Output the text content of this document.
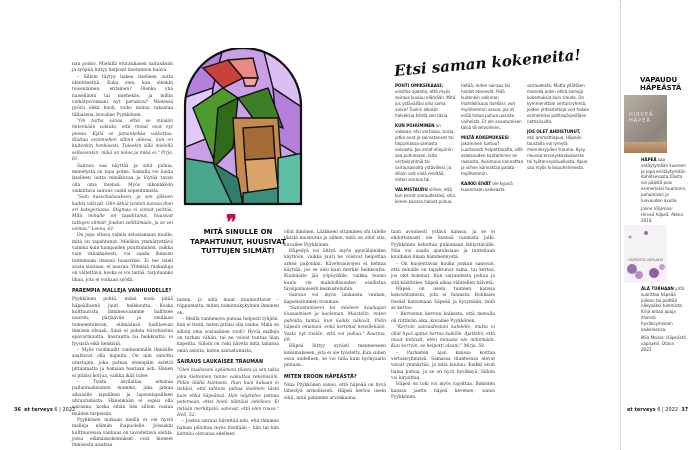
nan poisto. Miehillä eturauhasen sairauksiin ja syöpiin liittyy helposti itsetunnon haava.

– Silloin täytyy hakea itselleen uutta identiteettiä. Kuka olen, kun olenkin toisenlainen, erilainen? Olenko yhä naisellinen tai miehekäs, ja mihin viehätysvoimani nyt perustuu? Mielessä pyörii ehkä huoli, voiko minua rakastaa tällaisena, kuvailee Pyykkönen.

"On turha sanoa, ettei se minään mitenkään vaikuta, että rinnat ovat nyt poissa. Kyllä se jumankekka vaikuttaa. Sluttaa aviomiehen silloin ollessa, kun on kuitenkin henkisesti. Tuleekin sillä mielellä sellaisenkin, mikä on noloa ja mikä ei." Pirjo, 61.

Sairaus saa näyttää ja siitä puhua, menetystä on lupa potea. Samalla voi luoda itselleen uutta minäkuvaa ja löytää tavan olla oma itsensä. Myös ulkonäköön vaikuttava sairaus vaatii sopeutumista.

"Sain kasvohalvauksen, ja sen jälkeen kaikki näkivät. Olin äkkiä toisten kanssa ihan eri kategoriassa. Stigmaa ei voinut peittää. Mitä minulle on tapahtunut, huusivat tuttujen silmät! Joudun selittämään, ja se vei voimia." Leena, 61.

On jopa oltava valmis selostamaan muille, mitä on tapahtunut. Mielikin ymmärrettävä vamma kuin hampaiden puuttuminen, vaikka vain väliaikaisesti, voi saada ihmisen tuntemaan itsensä luuseriksi. Ei tee mieli avata suutaan, ei nauraa. Yhteisiä ruokailuja on vältettävä, koska ei voi tietää, tarjotaanko lihaa, jota ei voikaan syödä.

PAREMPIA MALLEJA VANHUUDELLE?

Pyykkönen pohtii, miksi moni pitää häpeällisenä juuri heikkoutta. Koska kulttuurista ihminenvaamme hallitsee nuoren, pärjäävän ja omillaan toimeentulevan, elämäänsä hallitsevan ihmisen ideaali. Siinä ei pideta toivottavina epävarmuutta, haurautta tai heikkoutta, ei fyysistä eikä henkistä.

– Myös ruolimallit vanhenemille ihmisille saattavat olla kapeita. On niin sanottu urastujen, joka patnaa eteenpäin estetöi pittaamatta ja hamaan hautaan asti. Hänen ei pitäisi horjua, vaikka ikää tulee.

– Toista äärilaitaa edustaa pullantuoksuinen mummo, joka jatkaa aikuisille lapsilleen ja lapsenlapsilleen uhrautumista. Hänenkään ei sopisi olla sairaana, koska eihän hän silloin vastaa muiden tarpeisiin.

Pyykkösen mukaan meillä ei ole hyviä malleja elämän ihapuolelle. Joissakin kulttuureissa vanhuus on tavoiteltava olotila, jossa elämänkokemukset ovat hioneet ihmisestä aisattaa

❞
MITÄ SINULLE ON TAPAHTUNUT, HUUSIVAT TUTTUJEN SILMÄT!

taisen, ja siitä muut kunnioittavat – riippumatta, miten toimintakykyinen ihminen on.

– Meillä vanheneva putoaa helposti tyhjiön, kun ei tiedä, miten pitäisi olla vanha. Mikä on silloin oma sosiaalinen rooli? Hyviä malleja on turhan vähän, tai ne voivat tuntua liian kapeilta. Silloin on riski hävetä mitä tahansa omia asioita, kuten sairastumista.

SAIRAUS LAUKAISEE TRAUMAN

"Olen huolissani sydämeni tilasta ja sen takia joku kielteinen tunne vaikuttaa tekemisiini. Pidän täällä kuntoani. Ihan kuin kukaan ei tietäisi, että tahtoisi puhua itselleen tästä kuin ehkä häpeänsä. Hän näyttelee potnaa potemaan, ettei heitä nähtäisi edelleen. Ei mitään merkitystä, sanovat, että olen rouva." Heli, 52.

– Joskus sairaus hävettää niin, että ihminen haluaa piilottaa myös itseltään – hän tai hän kotteloi olevansa edelleen

ollut ihminen. Lääkkeen ottaminen ohi tulelle tikistä muistutus ja siihen, mitä on ollut olla, kuvailee Pyykkönen.

Häpeilyä voi liittyä myös apuvälineiden käyttöön, vaikka juuri ne voisivat helpottaa arkea paljonkin. Kävelysauvojen ei kehtaa käyttää, jos se olisi kuin merkki heikkoutta. Kuulolaite jää yöpöydälle, vaikka huono kuulo vie mahdollisuuden osallistua täysipainoisesti keskusteluihin.

Sairaus voi myös laukaista vanhan, kapseloituneen trauman.

"Sairastamiseni toi mieleen kouluajan kiusaamisen ja kaoleman. Muistelin, miten pahoilta tuntui, kun kaikki näkivät. Pidin häpeän omanani, enkä kertonut kenellekään. Vasta nyt tiedän, että voi puhua." Kaarina, 69.

Häpeä liittyy syvästi menneeseen kokemukseen, jota ei ole työstetty. Kun siihen osuu uudelleen, se voi tulla kuin hyökyaalto pintaan.

MITEN EROON HÄPEÄSTÄ?

Nina Pyykkönen sanoo, että häpeää on hyvä lähestyä armollisesti. Häpeä kertoo usein siitä, mitä pidämme arvokkaana.

taan avoimesti ystävä kanssa, ja se ei ehdottomasti ole itsensä tuomista julki. Pyykkönen kehottaa puhumaan lähiystävälle. Niin voi saada ajatuksiaan ja tunteitaan kuulluksi ilman hämmennystä.

– On huojentavaa kuulla jonkun sanovan, että minulle on tapahtunut sama, tai kertoa, jos olet kokenut. Kun sairaudesta puhuu ja sitä käsittelee, häpeä alkaa vähitellen hälvetä.

Häpeä on usein tunteen kanssa kokoontumista, jota ei tunnista. Rohkaise itseäsi katsomaan häpeää ja kysymään, mitä se kertoo.

– Kerrosten kerroin kaikesta, että menulla oli riittävän aika, kuvailee Pyykkönen.

"Kerroin sairaudestani kahdelle, mutta ei ollut hyvä ajatus kertoa kaikille. Ajattelin, että muut tietävät, ettei minusta ole mihinkään. Kun kerroin, se helpotti oloani." Mirja, 58.

– Parhaiten ajan kanssa koittaa vertaisryhmissä. Samassa tilanteessa olevat voivat ymmärtää, ja mitä kuuluu. Kaikki eivät halua puhua, ja se on hyvä hyväksyä. Silloin voi kirjoittaa.

Häpeä on toki voi myös rajoittaa. Ihmisten kanssa jaettu häpeä kevenee, sanoo Pyykkönen.

Etsi saman kokeneita!

POHTI OMIKSIKAASI: voisitko ajatella, että myös sairaus kuuluu elämään. Mitä jos ystävälläsi olisi sama vaiva? Tuskin alkaisit halveksia häntä sen takia.

KUN PUHUMINEN on vaikeaa, etsi vertaisia, toisia, jotka ovat jo sairastaneet tai toipumassa samasta vaivasta. Jos omat elinpiiriin saa puhumaan, laita vertaisryhmiä tai sairausasioita ystävillesi, ja silloin voit vielä mieltää, miten sairaus tai

VALMISTAUDU siihen, että kun kerrot sairaudestasi, sille, kenen kanssa haluat puhua.

tietää, miten sairaus tai hoidot etenevät. Pidä kuitenkin valinnan mahdollisuus itselläsi: voit myöhemmin sanoa, jos et enää halua puhua uusista vaiheista. Et ole avautumisen takia tilivelvollinen.

MILTÄ KOKEMUKSESI jakaminen tuntuu? Luultavasti helpottavalta, sillä salaisuuden kantaminen on raskasta. Avoimuus kannattaa ja siihen kannattaa palata myöhemmin.

KAIKKI EIVÄT ole kypsiä kuulemaan vaikeasta

sairaudesta. Mutta yllättäen monella onkin ehkä samoja kokemuksia kuin sinulla. On kymmenittäin vertaisryhmiä, joiden yhteistietoja voit hakea esimerkiksi potilasjärjestöjen nettisivuilta.

JOS OLET AHDISTUNUT, etsi ammattiapua. Häpeän taustalla voi lymytä menneisyyden trauma. Kysy neuvoa terveyskeskuksesta tai työterveyshuollosta. Apua saa myös kriisipuhelimesta.

VAPAUDU HÄPEÄSTÄ
HIRVEÄ HÄPEÄ
HÄPEÄ saa vetäytymään kuoreen ja jopa eristäytymään. Kahlitsevasta tilasta voi päästä pois esimerkiksi huumorin, puhumisen ja luovuuden avulla.
Janne Viljamaa: Hirveä häpeä. Atena 2018.
HÄPEÄSTÄ VAPAAKSI
ÄLÄ TURHAAN yritä suorittaa häpeää piiloon tai peittää näkyväksi tulemista. Kirja antaa apuja itsensä hyväksymiseen kaikkinensa.
Miia Moisio: Häpeästä vapaaksi. Otava 2021.
36 et terveys 6 | 2022	et terveys 6 | 2022 37
